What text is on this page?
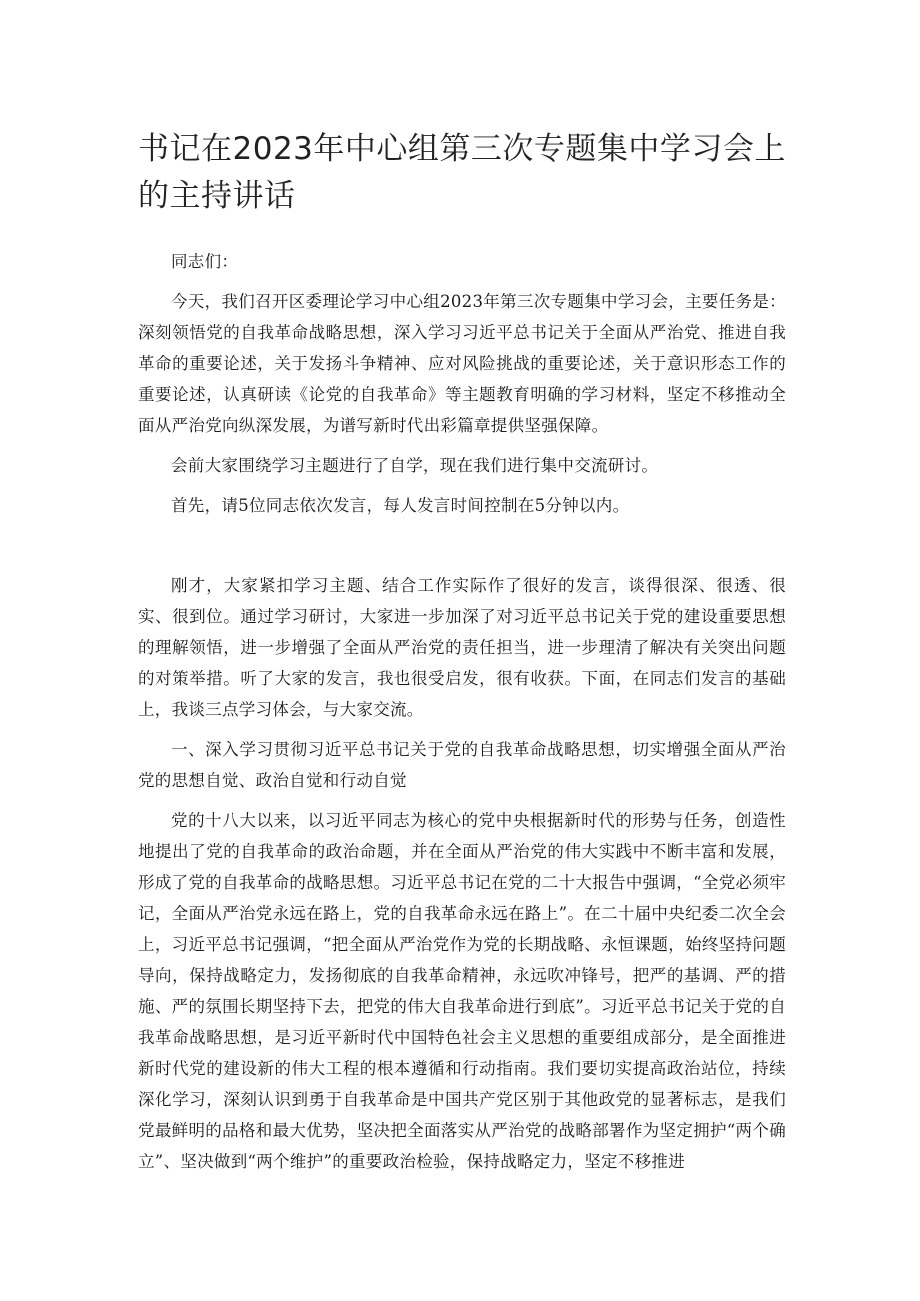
书记在2023年中心组第三次专题集中学习会上的主持讲话

同志们：

今天，我们召开区委理论学习中心组2023年第三次专题集中学习会，主要任务是：深刻领悟党的自我革命战略思想，深入学习习近平总书记关于全面从严治党、推进自我革命的重要论述，关于发扬斗争精神、应对风险挑战的重要论述，关于意识形态工作的重要论述，认真研读《论党的自我革命》等主题教育明确的学习材料，坚定不移推动全面从严治党向纵深发展，为谱写新时代出彩篇章提供坚强保障。

会前大家围绕学习主题进行了自学，现在我们进行集中交流研讨。

首先，请5位同志依次发言，每人发言时间控制在5分钟以内。

刚才，大家紧扣学习主题、结合工作实际作了很好的发言，谈得很深、很透、很实、很到位。通过学习研讨，大家进一步加深了对习近平总书记关于党的建设重要思想的理解领悟，进一步增强了全面从严治党的责任担当，进一步理清了解决有关突出问题的对策举措。听了大家的发言，我也很受启发，很有收获。下面，在同志们发言的基础上，我谈三点学习体会，与大家交流。

一、深入学习贯彻习近平总书记关于党的自我革命战略思想，切实增强全面从严治党的思想自觉、政治自觉和行动自觉

党的十八大以来，以习近平同志为核心的党中央根据新时代的形势与任务，创造性地提出了党的自我革命的政治命题，并在全面从严治党的伟大实践中不断丰富和发展，形成了党的自我革命的战略思想。习近平总书记在党的二十大报告中强调，“全党必须牢记，全面从严治党永远在路上，党的自我革命永远在路上”。在二十届中央纪委二次全会上，习近平总书记强调，“把全面从严治党作为党的长期战略、永恒课题，始终坚持问题导向，保持战略定力，发扬彻底的自我革命精神，永远吹冲锋号，把严的基调、严的措施、严的氛围长期坚持下去，把党的伟大自我革命进行到底”。习近平总书记关于党的自我革命战略思想，是习近平新时代中国特色社会主义思想的重要组成部分，是全面推进新时代党的建设新的伟大工程的根本遵循和行动指南。我们要切实提高政治站位，持续深化学习，深刻认识到勇于自我革命是中国共产党区别于其他政党的显著标志，是我们党最鲜明的品格和最大优势，坚决把全面落实从严治党的战略部署作为坚定拥护“两个确立”、坚决做到“两个维护”的重要政治检验，保持战略定力，坚定不移推进
